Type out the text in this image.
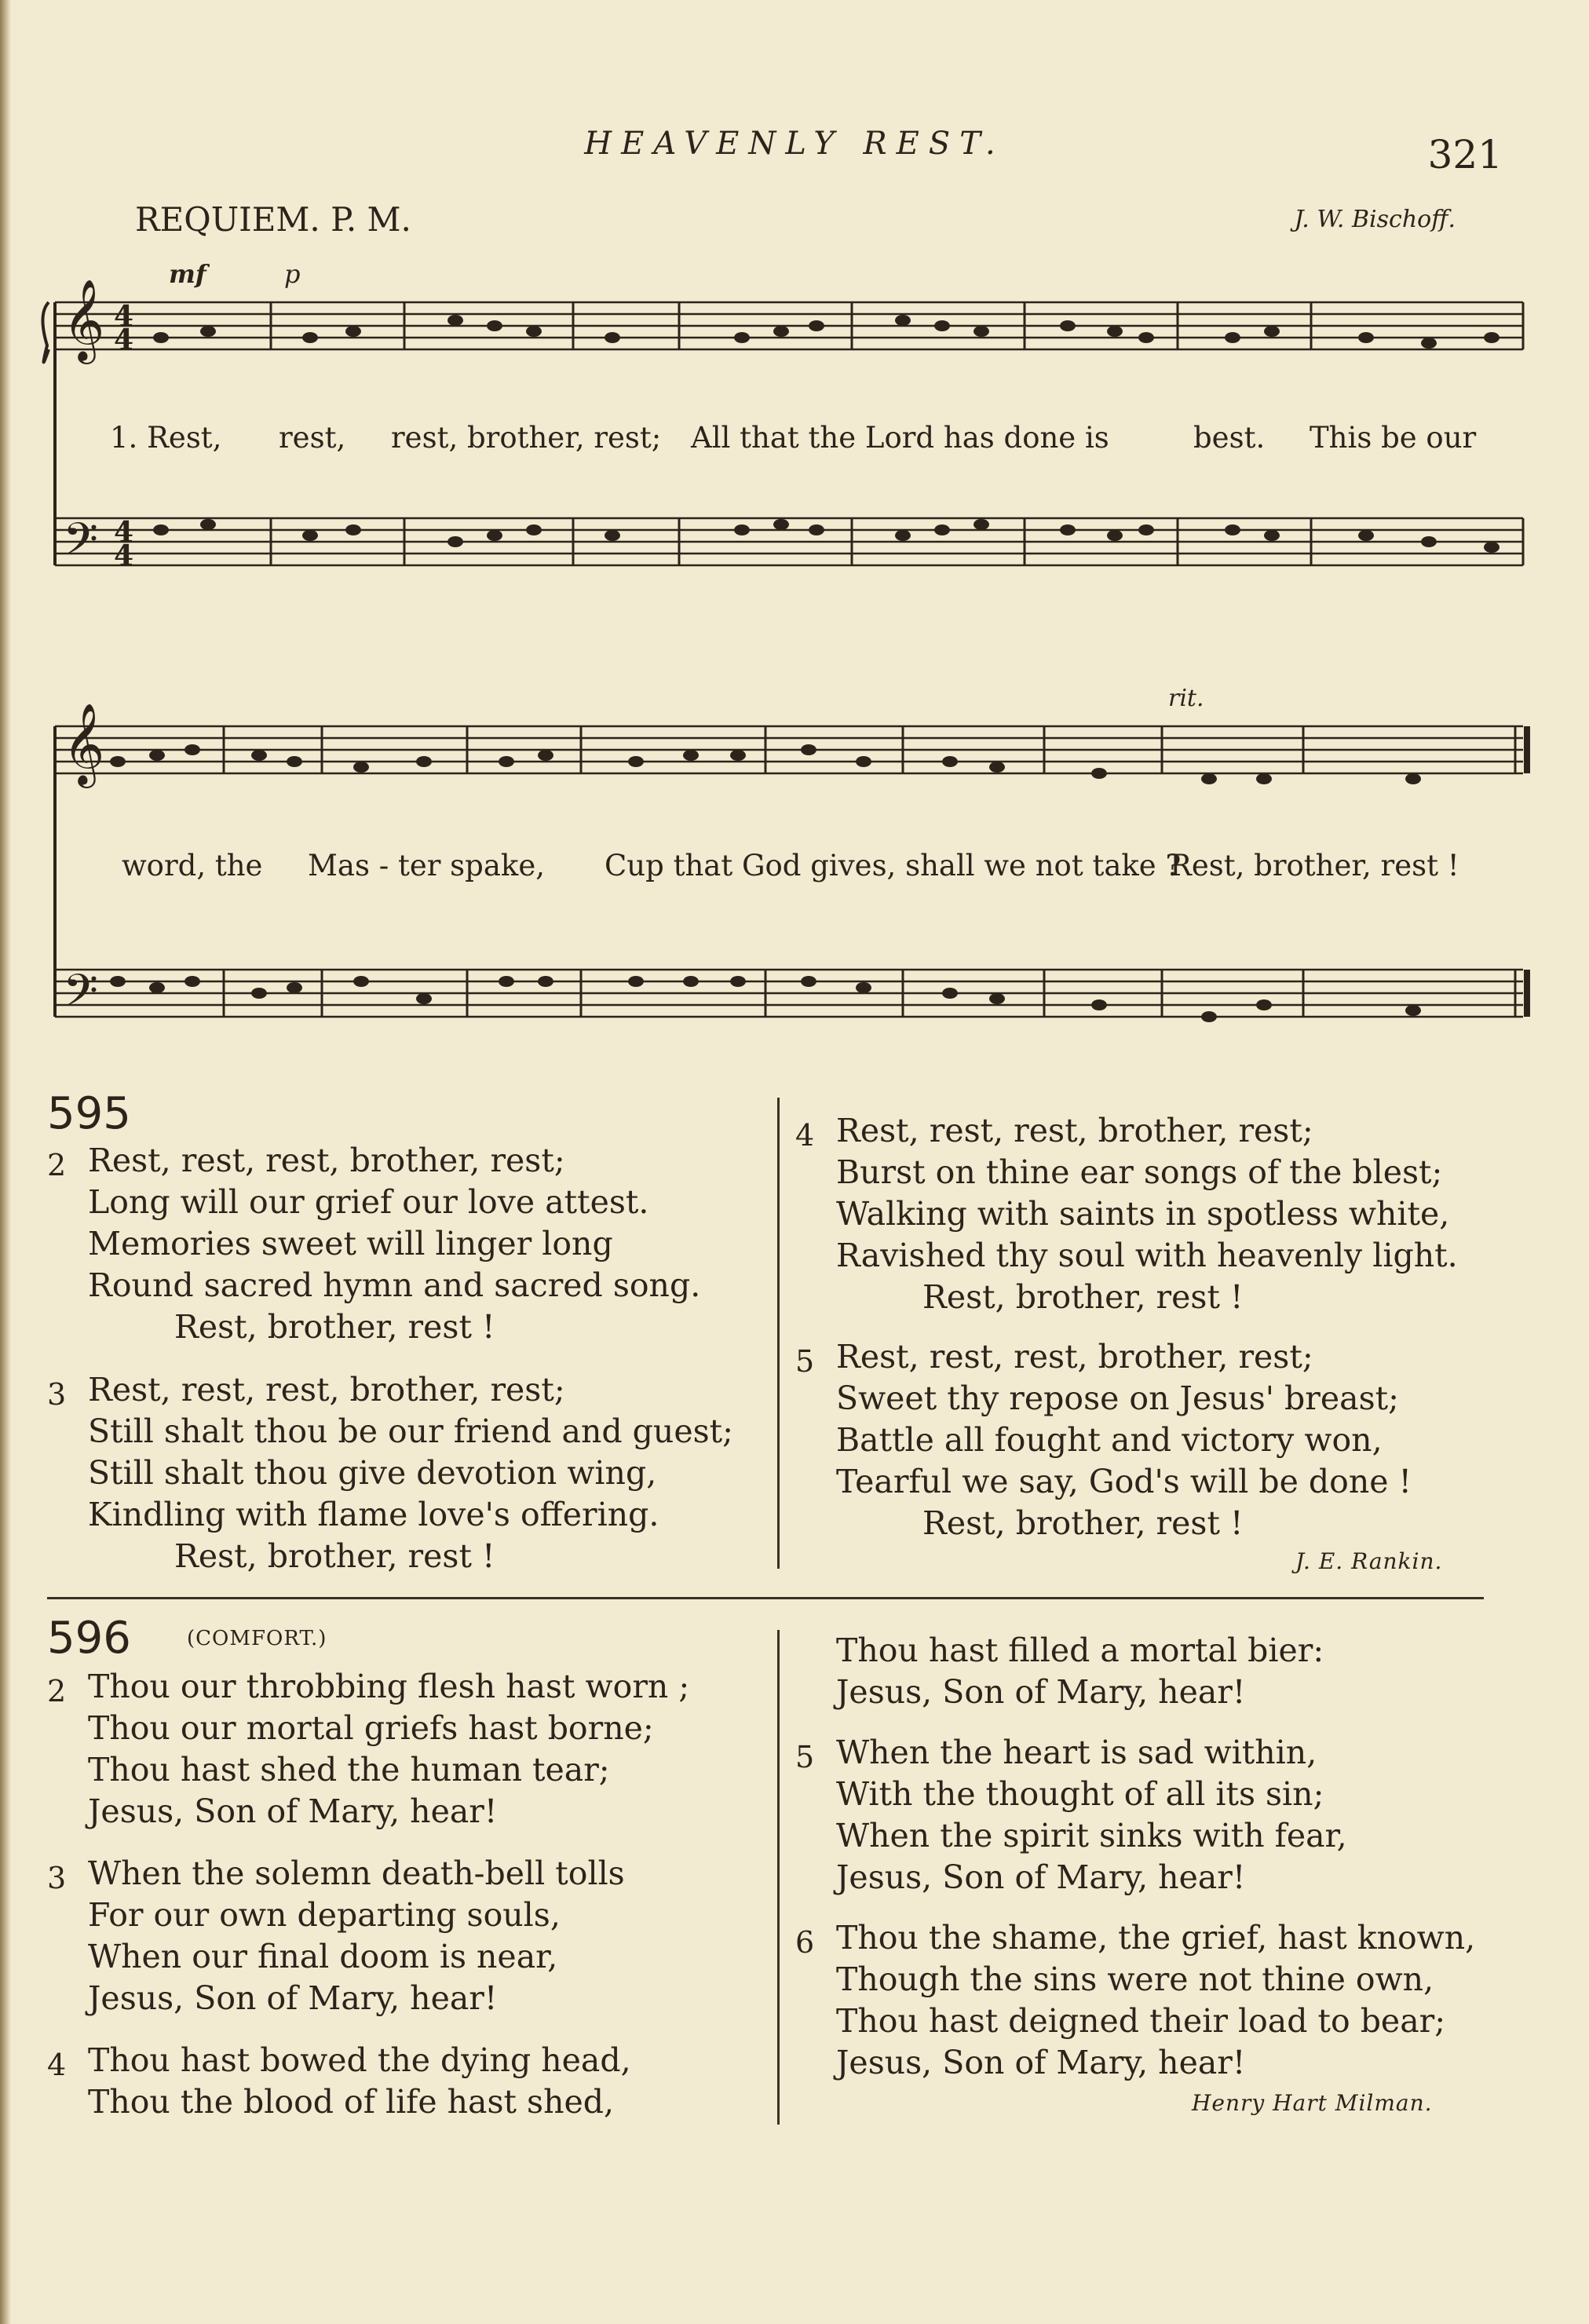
HEAVENLY REST.	321
REQUIEM. P. M.	J. W. Bischoff.
mf	p
rit.
𝄞
𝄢
4
4
4
4
1. Rest, rest, rest, brother, rest; All that the Lord has done is	best. This be our
𝄞
𝄢
word, the Mas - ter spake, Cup that God gives, shall we not take ?
Rest, brother, rest !
595
2 Rest, rest, rest, brother, rest;
Long will our grief our love attest.
Memories sweet will linger long
Round sacred hymn and sacred song.
Rest, brother, rest !
3 Rest, rest, rest, brother, rest;
Still shalt thou be our friend and guest;
Still shalt thou give devotion wing,
Kindling with flame love's offering.
Rest, brother, rest !
4 Rest, rest, rest, brother, rest;
Burst on thine ear songs of the blest;
Walking with saints in spotless white,
Ravished thy soul with heavenly light.
Rest, brother, rest !
5 Rest, rest, rest, brother, rest;
Sweet thy repose on Jesus' breast;
Battle all fought and victory won,
Tearful we say, God's will be done !
Rest, brother, rest !
J. E. Rankin.
596	(COMFORT.)
2 Thou our throbbing flesh hast worn ;
Thou our mortal griefs hast borne;
Thou hast shed the human tear;
Jesus, Son of Mary, hear!
3 When the solemn death-bell tolls
For our own departing souls,
When our final doom is near,
Jesus, Son of Mary, hear!
4 Thou hast bowed the dying head,
Thou the blood of life hast shed,
Thou hast filled a mortal bier:
Jesus, Son of Mary, hear!
5 When the heart is sad within,
With the thought of all its sin;
When the spirit sinks with fear,
Jesus, Son of Mary, hear!
6 Thou the shame, the grief, hast known,
Though the sins were not thine own,
Thou hast deigned their load to bear;
Jesus, Son of Mary, hear!
Henry Hart Milman.
